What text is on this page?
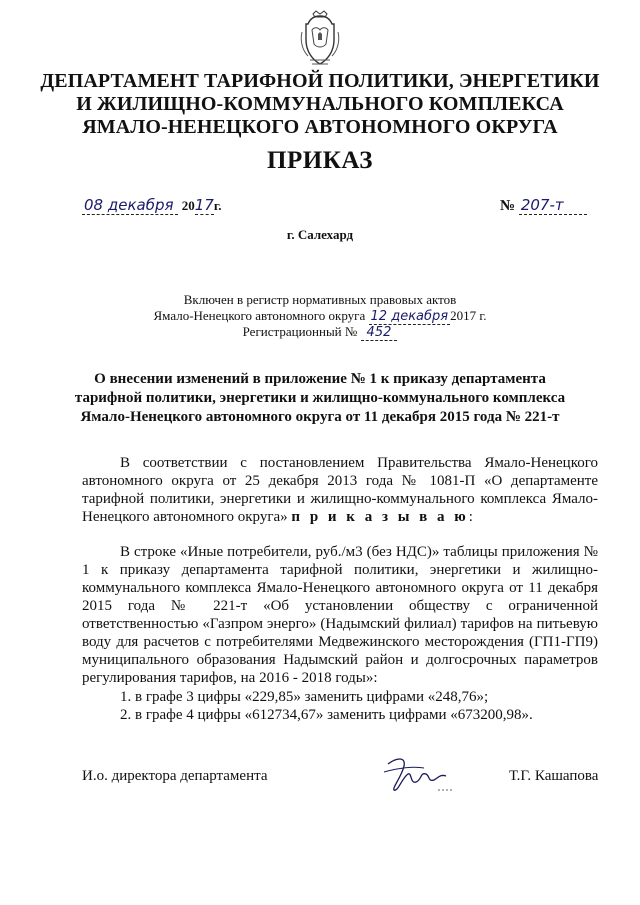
ДЕПАРТАМЕНТ ТАРИФНОЙ ПОЛИТИКИ, ЭНЕРГЕТИКИ
И ЖИЛИЩНО-КОММУНАЛЬНОГО КОМПЛЕКСА
ЯМАЛО-НЕНЕЦКОГО АВТОНОМНОГО ОКРУГА
ПРИКАЗ
08 декабря 2017г.	№ 207-т
г. Салехард
Включен в регистр нормативных правовых актов
Ямало-Ненецкого автономного округа 12 декабря 2017 г.
Регистрационный № 452
О внесении изменений в приложение № 1 к приказу департамента
тарифной политики, энергетики и жилищно-коммунального комплекса
Ямало-Ненецкого автономного округа от 11 декабря 2015 года № 221-т
В соответствии с постановлением Правительства Ямало-Ненецкого автономного округа от 25 декабря 2013 года № 1081-П «О департаменте тарифной политики, энергетики и жилищно-коммунального комплекса Ямало-Ненецкого автономного округа» п р и к а з ы в а ю:
В строке «Иные потребители, руб./м3 (без НДС)» таблицы приложения № 1 к приказу департамента тарифной политики, энергетики и жилищно-коммунального комплекса Ямало-Ненецкого автономного округа от 11 декабря 2015 года № 221-т «Об установлении обществу с ограниченной ответственностью «Газпром энерго» (Надымский филиал) тарифов на питьевую воду для расчетов с потребителями Медвежинского месторождения (ГП1-ГП9) муниципального образования Надымский район и долгосрочных параметров регулирования тарифов, на 2016 - 2018 годы»:
1. в графе 3 цифры «229,85» заменить цифрами «248,76»;
2. в графе 4 цифры «612734,67» заменить цифрами «673200,98».
И.о. директора департамента	Т.Г. Кашапова
